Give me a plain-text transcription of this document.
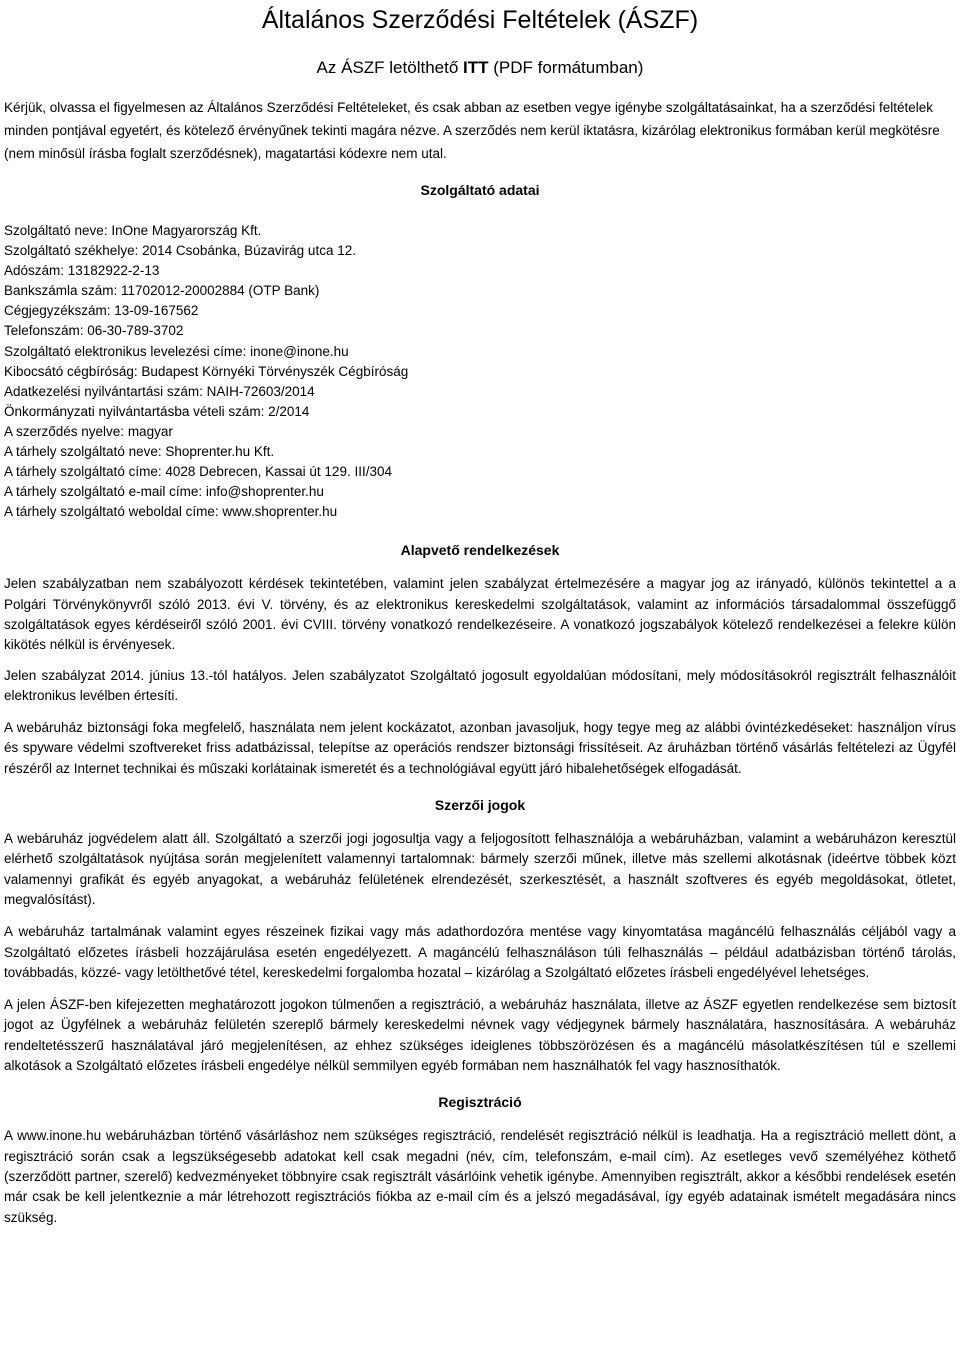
Általános Szerződési Feltételek (ÁSZF)

Az ÁSZF letölthető ITT (PDF formátumban)

Kérjük, olvassa el figyelmesen az Általános Szerződési Feltételeket, és csak abban az esetben vegye igénybe szolgáltatásainkat, ha a szerződési feltételek minden pontjával egyetért, és kötelező érvényűnek tekinti magára nézve. A szerződés nem kerül iktatásra, kizárólag elektronikus formában kerül megkötésre (nem minősül írásba foglalt szerződésnek), magatartási kódexre nem utal.

Szolgáltató adatai
Szolgáltató neve: InOne Magyarország Kft.
Szolgáltató székhelye: 2014 Csobánka, Búzavirág utca 12.
Adószám: 13182922-2-13
Bankszámla szám: 11702012-20002884 (OTP Bank)
Cégjegyzékszám: 13-09-167562
Telefonszám: 06-30-789-3702
Szolgáltató elektronikus levelezési címe: inone@inone.hu
Kibocsátó cégbíróság: Budapest Környéki Törvényszék Cégbíróság
Adatkezelési nyilvántartási szám: NAIH-72603/2014
Önkormányzati nyilvántartásba vételi szám: 2/2014
A szerződés nyelve: magyar
A tárhely szolgáltató neve: Shoprenter.hu Kft.
A tárhely szolgáltató címe: 4028 Debrecen, Kassai út 129. III/304
A tárhely szolgáltató e-mail címe: info@shoprenter.hu
A tárhely szolgáltató weboldal címe: www.shoprenter.hu
Alapvető rendelkezések

Jelen szabályzatban nem szabályozott kérdések tekintetében, valamint jelen szabályzat értelmezésére a magyar jog az irányadó, különös tekintettel a a Polgári Törvénykönyvről szóló 2013. évi V. törvény, és az elektronikus kereskedelmi szolgáltatások, valamint az információs társadalommal összefüggő szolgáltatások egyes kérdéseiről szóló 2001. évi CVIII. törvény vonatkozó rendelkezéseire. A vonatkozó jogszabályok kötelező rendelkezései a felekre külön kikötés nélkül is érvényesek.

Jelen szabályzat 2014. június 13.-tól hatályos. Jelen szabályzatot Szolgáltató jogosult egyoldalúan módosítani, mely módosításokról regisztrált felhasználóit elektronikus levélben értesíti.

A webáruház biztonsági foka megfelelő, használata nem jelent kockázatot, azonban javasoljuk, hogy tegye meg az alábbi óvintézkedéseket: használjon vírus és spyware védelmi szoftvereket friss adatbázissal, telepítse az operációs rendszer biztonsági frissítéseit. Az áruházban történő vásárlás feltételezi az Ügyfél részéről az Internet technikai és műszaki korlátainak ismeretét és a technológiával együtt járó hibalehetőségek elfogadását.

Szerzői jogok

A webáruház jogvédelem alatt áll. Szolgáltató a szerzői jogi jogosultja vagy a feljogosított felhasználója a webáruházban, valamint a webáruházon keresztül elérhető szolgáltatások nyújtása során megjelenített valamennyi tartalomnak: bármely szerzői műnek, illetve más szellemi alkotásnak (ideértve többek közt valamennyi grafikát és egyéb anyagokat, a webáruház felületének elrendezését, szerkesztését, a használt szoftveres és egyéb megoldásokat, ötletet, megvalósítást).

A webáruház tartalmának valamint egyes részeinek fizikai vagy más adathordozóra mentése vagy kinyomtatása magáncélú felhasználás céljából vagy a Szolgáltató előzetes írásbeli hozzájárulása esetén engedélyezett. A magáncélú felhasználáson túli felhasználás – például adatbázisban történő tárolás, továbbadás, közzé- vagy letölthetővé tétel, kereskedelmi forgalomba hozatal – kizárólag a Szolgáltató előzetes írásbeli engedélyével lehetséges.

A jelen ÁSZF-ben kifejezetten meghatározott jogokon túlmenően a regisztráció, a webáruház használata, illetve az ÁSZF egyetlen rendelkezése sem biztosít jogot az Ügyfélnek a webáruház felületén szereplő bármely kereskedelmi névnek vagy védjegynek bármely használatára, hasznosítására. A webáruház rendeltetésszerű használatával járó megjelenítésen, az ehhez szükséges ideiglenes többszörözésen és a magáncélú másolatkészítésen túl e szellemi alkotások a Szolgáltató előzetes írásbeli engedélye nélkül semmilyen egyéb formában nem használhatók fel vagy hasznosíthatók.

Regisztráció

A www.inone.hu webáruházban történő vásárláshoz nem szükséges regisztráció, rendelését regisztráció nélkül is leadhatja. Ha a regisztráció mellett dönt, a regisztráció során csak a legszükségesebb adatokat kell csak megadni (név, cím, telefonszám, e-mail cím). Az esetleges vevő személyéhez köthető (szerződött partner, szerelő) kedvezményeket többnyire csak regisztrált vásárlóink vehetik igénybe. Amennyiben regisztrált, akkor a későbbi rendelések esetén már csak be kell jelentkeznie a már létrehozott regisztrációs fiókba az e-mail cím és a jelszó megadásával, így egyéb adatainak ismételt megadására nincs szükség.
